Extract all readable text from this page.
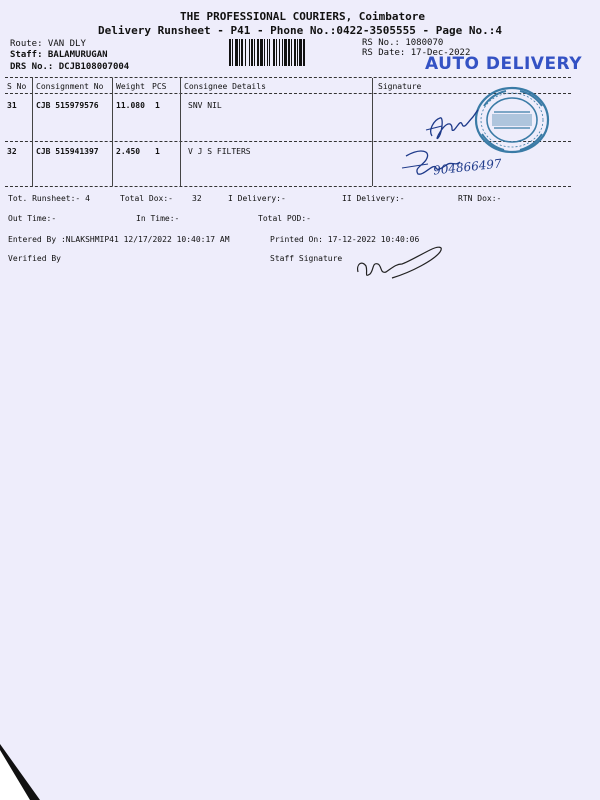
THE PROFESSIONAL COURIERS, Coimbatore
Delivery Runsheet - P41 - Phone No.:0422-3505555 - Page No.:4
Route: VAN DLY
Staff: BALAMURUGAN
DRS No.: DCJB108007004
RS No.: 1080070
RS Date: 17-Dec-2022
AUTO DELIVERY
S No Consignment No Weight PCS Consignee Details	Signature
31 CJB 515979576 11.080 1	SNV NIL
32 CJB 515941397 2.450 1	V J S FILTERS
904866497
Tot. Runsheet:- 4	Total Dox:- 32	I Delivery:-	II Delivery:-	RTN Dox:-
Out Time:-	In Time:-	Total POD:-
Entered By :NLAKSHMIP41 12/17/2022 10:40:17 AM	Printed On: 17-12-2022 10:40:06
Verified By	Staff Signature
